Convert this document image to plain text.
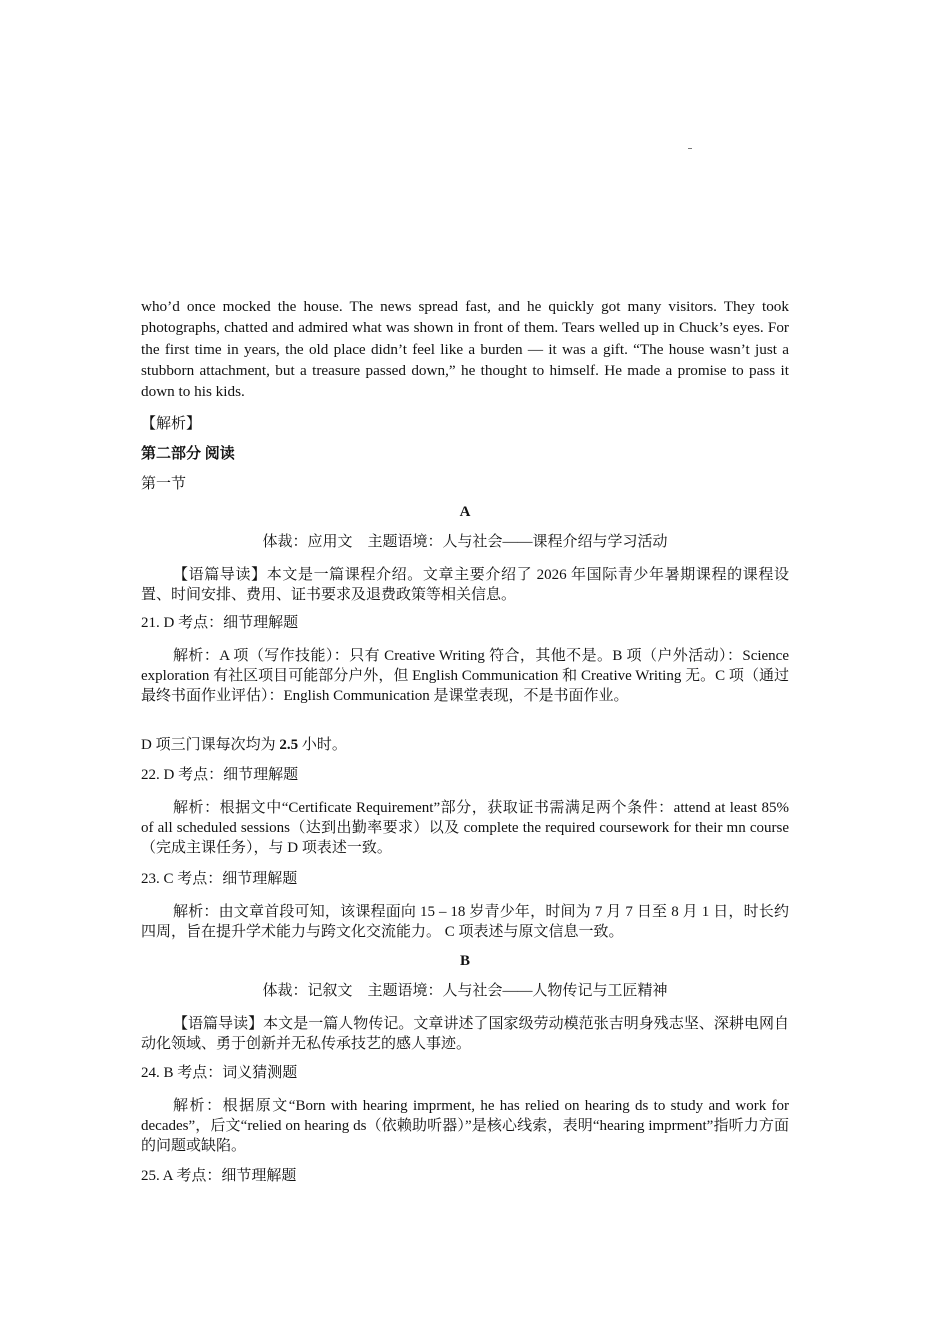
who’d once mocked the house. The news spread fast, and he quickly got many visitors. They took photographs, chatted and admired what was shown in front of them. Tears welled up in Chuck’s eyes. For the first time in years, the old place didn’t feel like a burden — it was a gift. “The house wasn’t just a stubborn attachment, but a treasure passed down,” he thought to himself. He made a promise to pass it down to his kids.

【解析】

第二部分 阅读

第一节

A

体裁：应用文　主题语境：人与社会——课程介绍与学习活动

【语篇导读】本文是一篇课程介绍。文章主要介绍了 2026 年国际青少年暑期课程的课程设置、时间安排、费用、证书要求及退费政策等相关信息。

21. D 考点：细节理解题

解析：A 项（写作技能）：只有 Creative Writing 符合，其他不是。B 项（户外活动）：Science exploration 有社区项目可能部分户外，但 English Communication 和 Creative Writing 无。C 项（通过最终书面作业评估）：English Communication 是课堂表现，不是书面作业。

D 项三门课每次均为 2.5 小时。

22. D 考点：细节理解题

解析：根据文中“Certificate Requirement”部分，获取证书需满足两个条件：attend at least 85% of all scheduled sessions（达到出勤率要求）以及 complete the required coursework for their mn course（完成主课任务），与 D 项表述一致。

23. C 考点：细节理解题

解析：由文章首段可知，该课程面向 15 – 18 岁青少年，时间为 7 月 7 日至 8 月 1 日，时长约四周，旨在提升学术能力与跨文化交流能力。 C 项表述与原文信息一致。

B

体裁：记叙文　主题语境：人与社会——人物传记与工匠精神

【语篇导读】本文是一篇人物传记。文章讲述了国家级劳动模范张吉明身残志坚、深耕电网自动化领域、勇于创新并无私传承技艺的感人事迹。

24. B 考点：词义猜测题

解析：根据原文“Born with hearing imprment, he has relied on hearing ds to study and work for decades”，后文“relied on hearing ds（依赖助听器）”是核心线索，表明“hearing imprment”指听力方面的问题或缺陷。

25. A 考点：细节理解题
